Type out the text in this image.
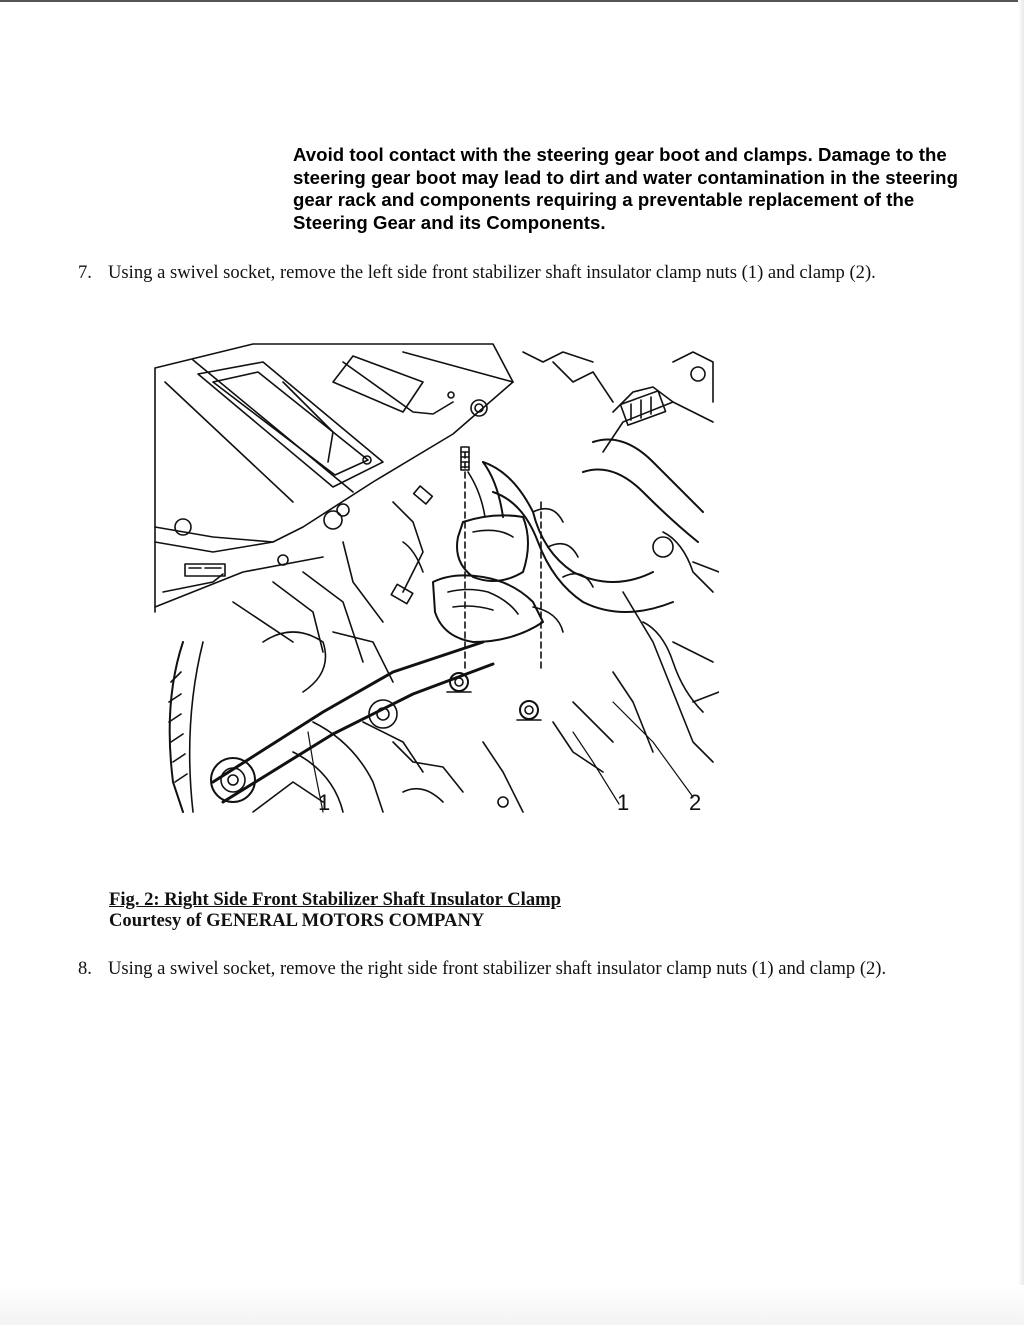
Avoid tool contact with the steering gear boot and clamps. Damage to the steering gear boot may lead to dirt and water contamination in the steering gear rack and components requiring a preventable replacement of the Steering Gear and its Components.
7. Using a swivel socket, remove the left side front stabilizer shaft insulator clamp nuts (1) and clamp (2).
1	1	2
Fig. 2: Right Side Front Stabilizer Shaft Insulator Clamp
Courtesy of GENERAL MOTORS COMPANY
8. Using a swivel socket, remove the right side front stabilizer shaft insulator clamp nuts (1) and clamp (2).
